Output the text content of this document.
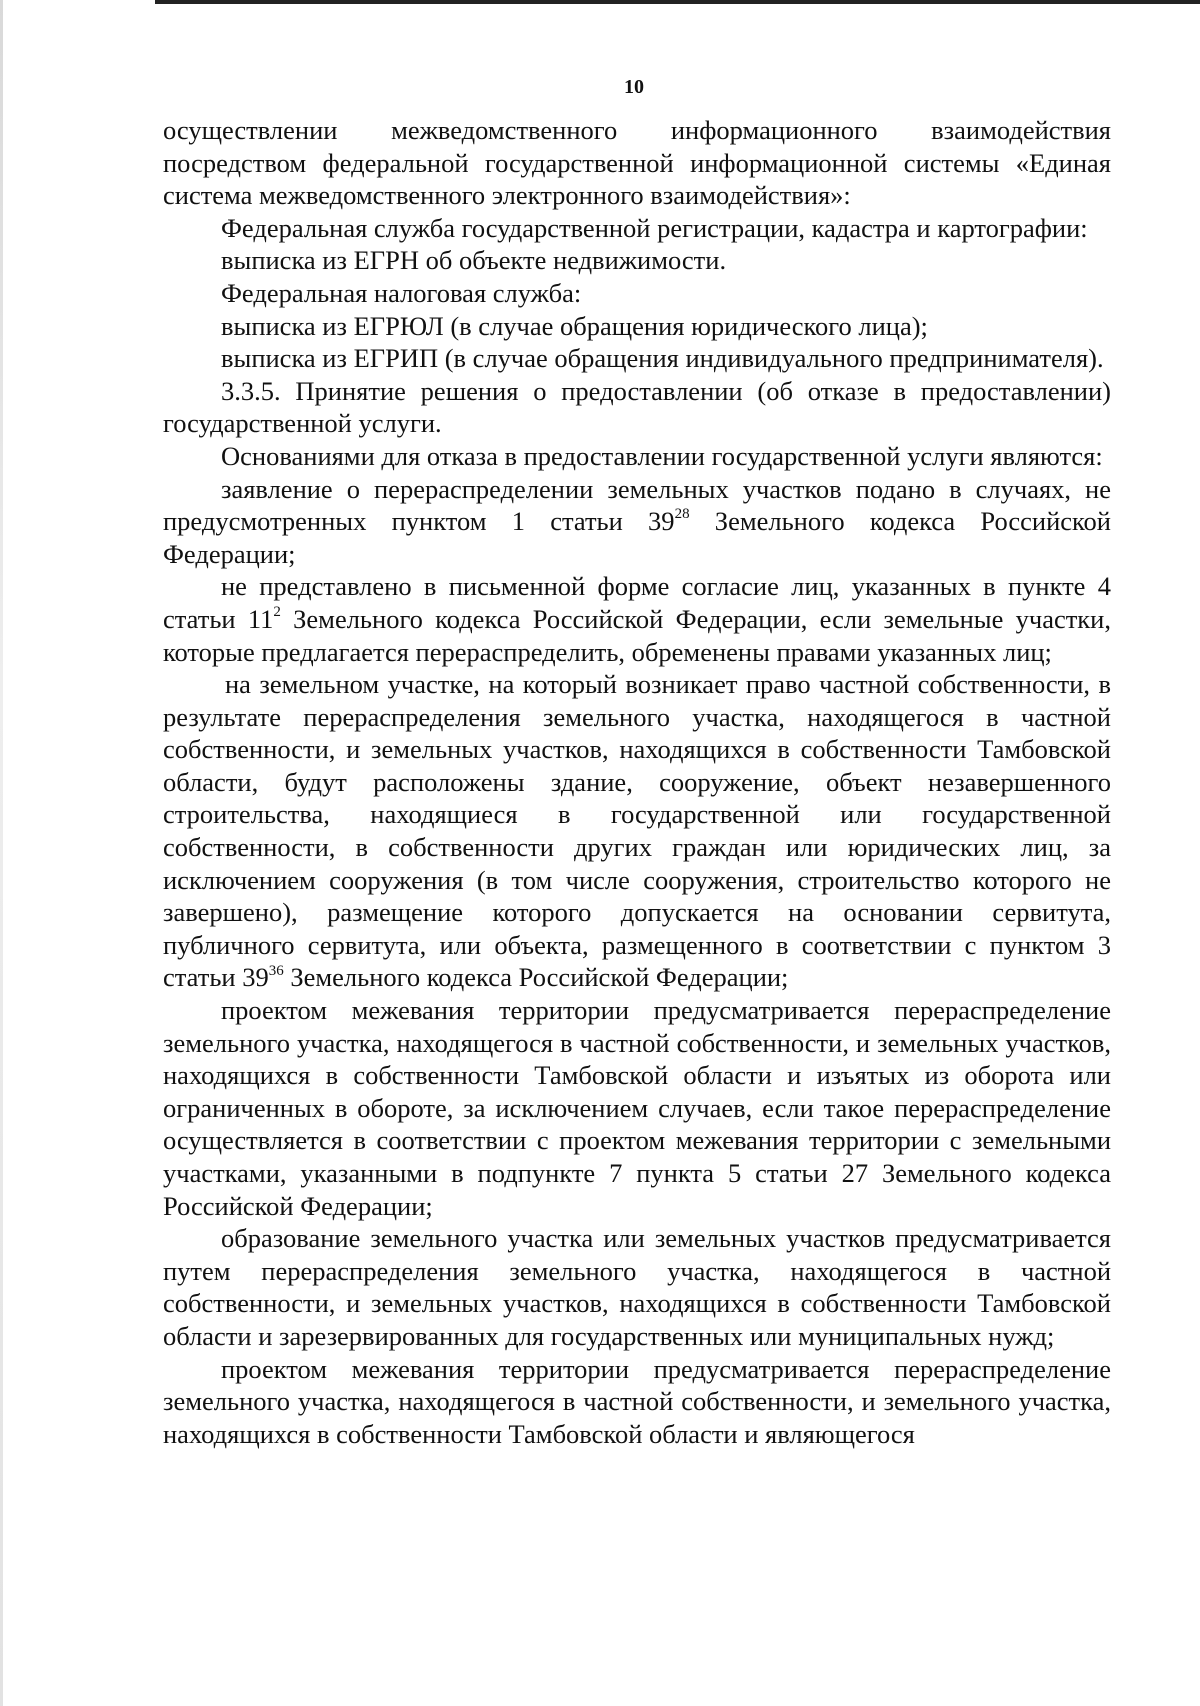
10

осуществлении межведомственного информационного взаимодействия посредством федеральной государственной информационной системы «Единая система межведомственного электронного взаимодействия»:

Федеральная служба государственной регистрации, кадастра и картографии:

выписка из ЕГРН об объекте недвижимости.

Федеральная налоговая служба:

выписка из ЕГРЮЛ (в случае обращения юридического лица);

выписка из ЕГРИП (в случае обращения индивидуального предпринимателя).

3.3.5. Принятие решения о предоставлении (об отказе в предоставлении) государственной услуги.

Основаниями для отказа в предоставлении государственной услуги являются:

заявление о перераспределении земельных участков подано в случаях, не предусмотренных пунктом 1 статьи $39^{28}$ Земельного кодекса Российской Федерации;

не представлено в письменной форме согласие лиц, указанных в пункте 4 статьи $11^2$ Земельного кодекса Российской Федерации, если земельные участки, которые предлагается перераспределить, обременены правами указанных лиц;

на земельном участке, на который возникает право частной собственности, в результате перераспределения земельного участка, находящегося в частной собственности, и земельных участков, находящихся в собственности Тамбовской области, будут расположены здание, сооружение, объект незавершенного строительства, находящиеся в государственной или государственной собственности, в собственности других граждан или юридических лиц, за исключением сооружения (в том числе сооружения, строительство которого не завершено), размещение которого допускается на основании сервитута, публичного сервитута, или объекта, размещенного в соответствии с пунктом 3 статьи $39^{36}$ Земельного кодекса Российской Федерации;

проектом межевания территории предусматривается перераспределение земельного участка, находящегося в частной собственности, и земельных участков, находящихся в собственности Тамбовской области и изъятых из оборота или ограниченных в обороте, за исключением случаев, если такое перераспределение осуществляется в соответствии с проектом межевания территории с земельными участками, указанными в подпункте 7 пункта 5 статьи 27 Земельного кодекса Российской Федерации;

образование земельного участка или земельных участков предусматривается путем перераспределения земельного участка, находящегося в частной собственности, и земельных участков, находящихся в собственности Тамбовской области и зарезервированных для государственных или муниципальных нужд;

проектом межевания территории предусматривается перераспределение земельного участка, находящегося в частной собственности, и земельного участка, находящихся в собственности Тамбовской области и являющегося
